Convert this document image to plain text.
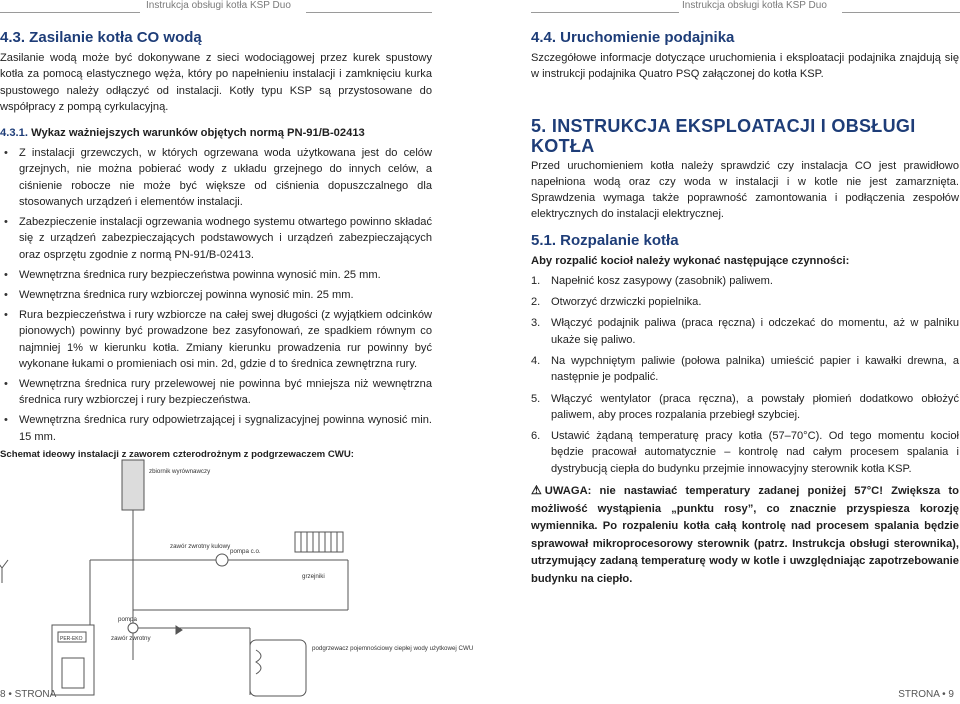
Instrukcja obsługi kotła KSP Duo	Instrukcja obsługi kotła KSP Duo
4.3. Zasilanie kotła CO wodą

Zasilanie wodą może być dokonywane z sieci wodociągowej przez kurek spustowy kotła za pomocą elastycznego węża, który po napełnieniu instalacji i zamknięciu kurka spustowego należy odłączyć od instalacji. Kotły typu KSP są przystosowane do współpracy z pompą cyrkulacyjną.

4.3.1. Wykaz ważniejszych warunków objętych normą PN-91/B-02413
• Z instalacji grzewczych, w których ogrzewana woda użytkowana jest do celów grzejnych, nie można pobierać wody z układu grzejnego do innych celów, a ciśnienie robocze nie może być większe od ciśnienia dopuszczalnego dla stosowanych urządzeń i elementów instalacji.
• Zabezpieczenie instalacji ogrzewania wodnego systemu otwartego powinno składać się z urządzeń zabezpieczających podstawowych i urządzeń zabezpieczających oraz osprzętu zgodnie z normą PN-91/B-02413.
• Wewnętrzna średnica rury bezpieczeństwa powinna wynosić min. 25 mm.
• Wewnętrzna średnica rury wzbiorczej powinna wynosić min. 25 mm.
• Rura bezpieczeństwa i rury wzbiorcze na całej swej długości (z wyjątkiem odcinków pionowych) powinny być prowadzone bez zasyfonowań, ze spadkiem równym co najmniej 1% w kierunku kotła. Zmiany kierunku prowadzenia rur powinny być wykonane łukami o promieniach osi min. 2d, gdzie d to średnica zewnętrzna rury.
• Wewnętrzna średnica rury przelewowej nie powinna być mniejsza niż wewnętrzna średnica rury wzbiorczej i rury bezpieczeństwa.
• Wewnętrzna średnica rury odpowietrzającej i sygnalizacyjnej powinna wynosić min. 15 mm.
Schemat ideowy instalacji z zaworem czterodrożnym z podgrzewaczem CWU:
zbiornik wyrównawczy
zawór zwrotny kulowy
pompa c.o.
grzejniki
pompa
zawór zwrotny
PER-EKO
podgrzewacz pojemnościowy ciepłej wody użytkowej CWU
8 • STRONA
4.4. Uruchomienie podajnika

Szczegółowe informacje dotyczące uruchomienia i eksploatacji podajnika znajdują się w instrukcji podajnika Quatro PSQ załączonej do kotła KSP.

5. INSTRUKCJA EKSPLOATACJI I OBSŁUGI KOTŁA

Przed uruchomieniem kotła należy sprawdzić czy instalacja CO jest prawidłowo napełniona wodą oraz czy woda w instalacji i w kotle nie jest zamarznięta. Sprawdzenia wymaga także poprawność zamontowania i podłączenia zespołów elektrycznych do instalacji elektrycznej.

5.1. Rozpalanie kotła
Aby rozpalić kocioł należy wykonać następujące czynności:
1. Napełnić kosz zasypowy (zasobnik) paliwem.
2. Otworzyć drzwiczki popielnika.
3. Włączyć podajnik paliwa (praca ręczna) i odczekać do momentu, aż w palniku ukaże się paliwo.
4. Na wypchniętym paliwie (połowa palnika) umieścić papier i kawałki drewna, a następnie je podpalić.
5. Włączyć wentylator (praca ręczna), a powstały płomień dodatkowo obłożyć paliwem, aby proces rozpalania przebiegł szybciej.
6. Ustawić żądaną temperaturę pracy kotła (57–70°C). Od tego momentu kocioł będzie pracował automatycznie – kontrolę nad całym procesem spalania i dystrybucją ciepła do budynku przejmie innowacyjny sterownik kotła KSP.
⚠ UWAGA: nie nastawiać temperatury zadanej poniżej 57°C! Zwiększa to możliwość wystąpienia „punktu rosy”, co znacznie przyspiesza korozję wymiennika. Po rozpaleniu kotła całą kontrolę nad procesem spalania będzie sprawował mikroprocesorowy sterownik (patrz. Instrukcja obsługi sterownika), utrzymujący zadaną temperaturę wody w kotle i uwzględniając zapotrzebowanie budynku na ciepło.
STRONA • 9
